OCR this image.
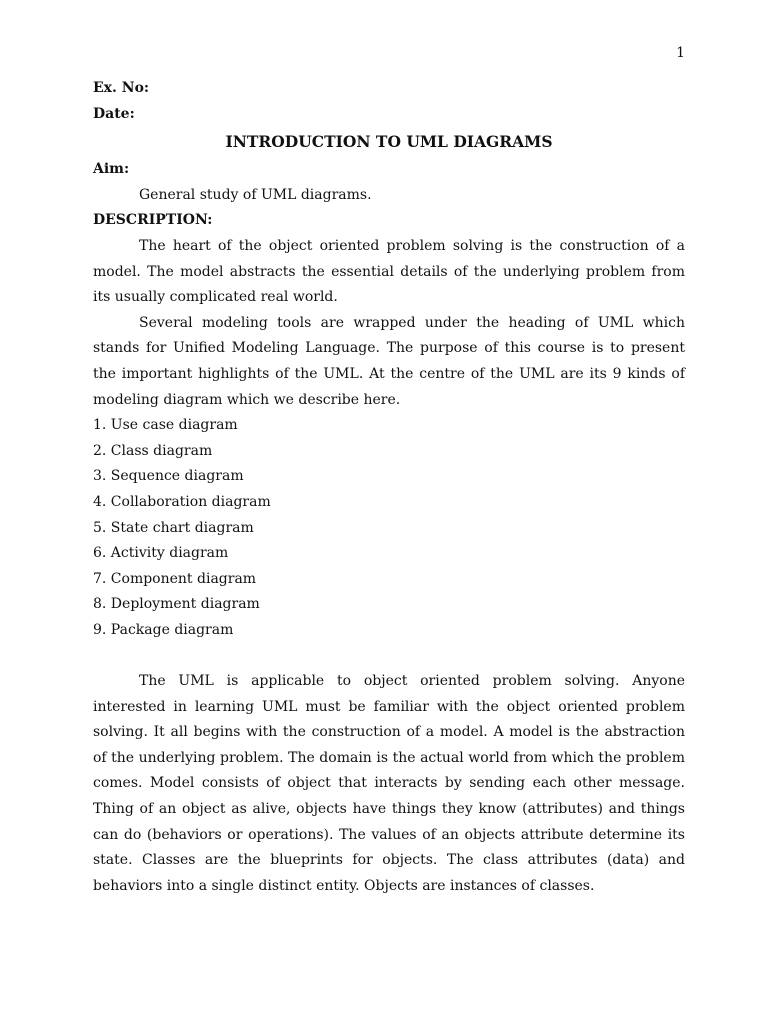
1

Ex. No:

Date:

INTRODUCTION TO UML DIAGRAMS

Aim:

General study of UML diagrams.

DESCRIPTION:

The heart of the object oriented problem solving is the construction of a model. The model abstracts the essential details of the underlying problem from its usually complicated real world.

Several modeling tools are wrapped under the heading of UML which stands for Unified Modeling Language. The purpose of this course is to present the important highlights of the UML. At the centre of the UML are its 9 kinds of modeling diagram which we describe here.

1. Use case diagram
2. Class diagram
3. Sequence diagram
4. Collaboration diagram
5. State chart diagram
6. Activity diagram
7. Component diagram
8. Deployment diagram
9. Package diagram

The UML is applicable to object oriented problem solving. Anyone interested in learning UML must be familiar with the object oriented problem solving. It all begins with the construction of a model. A model is the abstraction of the underlying problem. The domain is the actual world from which the problem comes. Model consists of object that interacts by sending each other message. Thing of an object as alive, objects have things they know (attributes) and things can do (behaviors or operations). The values of an objects attribute determine its state. Classes are the blueprints for objects. The class attributes (data) and behaviors into a single distinct entity. Objects are instances of classes.
